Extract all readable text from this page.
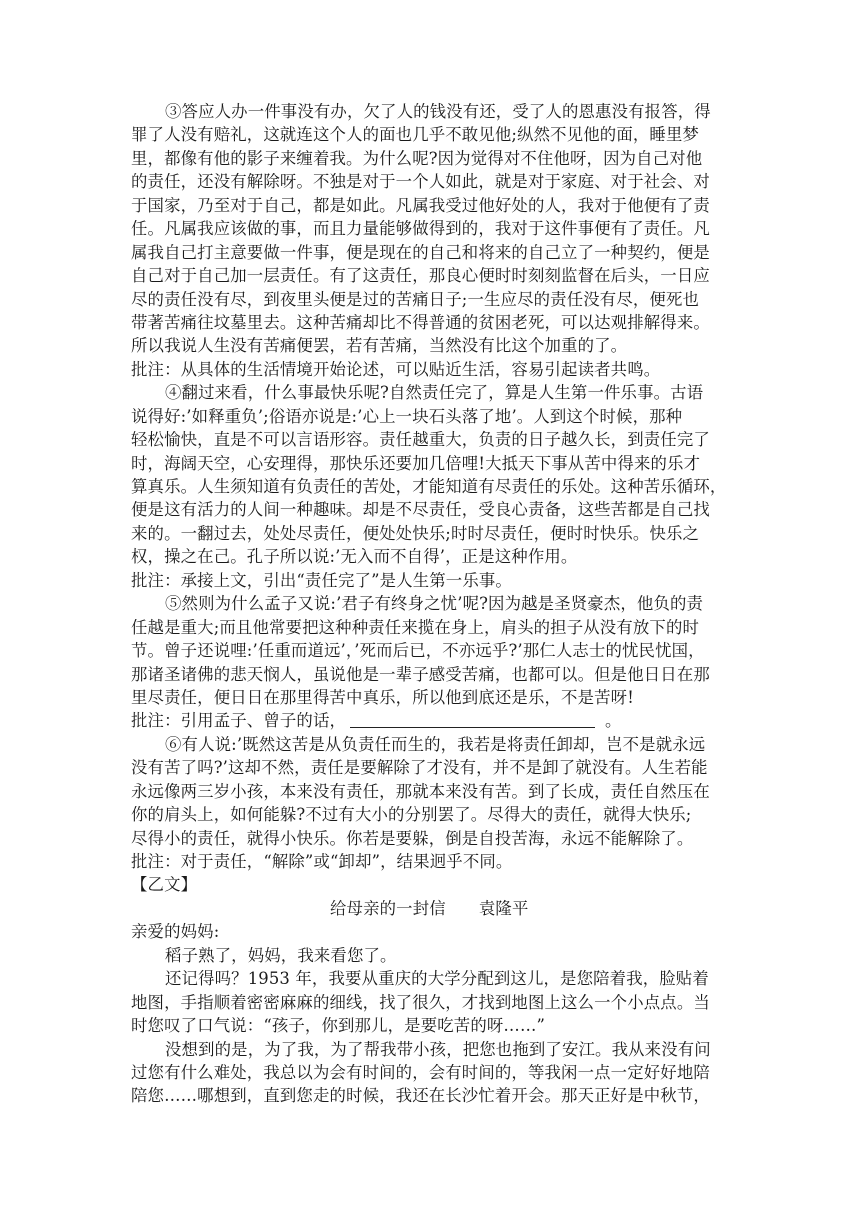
③答应人办一件事没有办，欠了人的钱没有还，受了人的恩惠没有报答，得
罪了人没有赔礼，这就连这个人的面也几乎不敢见他;纵然不见他的面，睡里梦
里，都像有他的影子来缠着我。为什么呢?因为觉得对不住他呀，因为自己对他
的责任，还没有解除呀。不独是对于一个人如此，就是对于家庭、对于社会、对
于国家，乃至对于自己，都是如此。凡属我受过他好处的人，我对于他便有了责
任。凡属我应该做的事，而且力量能够做得到的，我对于这件事便有了责任。凡
属我自己打主意要做一件事，便是现在的自己和将来的自己立了一种契约，便是
自己对于自己加一层责任。有了这责任，那良心便时时刻刻监督在后头，一日应
尽的责任没有尽，到夜里头便是过的苦痛日子;一生应尽的责任没有尽，便死也
带著苦痛往坟墓里去。这种苦痛却比不得普通的贫困老死，可以达观排解得来。
所以我说人生没有苦痛便罢，若有苦痛，当然没有比这个加重的了。
批注：从具体的生活情境开始论述，可以贴近生活，容易引起读者共鸣。
④翻过来看，什么事最快乐呢?自然责任完了，算是人生第一件乐事。古语
说得好:’如释重负’;俗语亦说是:’心上一块石头落了地’。人到这个时候，那种
轻松愉快，直是不可以言语形容。责任越重大，负责的日子越久长，到责任完了
时，海阔天空，心安理得，那快乐还要加几倍哩!大抵天下事从苦中得来的乐才
算真乐。人生须知道有负责任的苦处，才能知道有尽责任的乐处。这种苦乐循环，
便是这有活力的人间一种趣味。却是不尽责任，受良心责备，这些苦都是自己找
来的。一翻过去，处处尽责任，便处处快乐;时时尽责任，便时时快乐。快乐之
权，操之在己。孔子所以说:’无入而不自得’，正是这种作用。
批注：承接上文，引出“责任完了”是人生第一乐事。
⑤然则为什么孟子又说:’君子有终身之忧’呢?因为越是圣贤豪杰，他负的责
任越是重大;而且他常要把这种种责任来揽在身上，肩头的担子从没有放下的时
节。曾子还说哩:’任重而道远’，’死而后已，不亦远乎?’那仁人志士的忧民忧国，
那诸圣诸佛的悲天悯人，虽说他是一辈子感受苦痛，也都可以。但是他日日在那
里尽责任，便日日在那里得苦中真乐，所以他到底还是乐，不是苦呀!
批注：引用孟子、曾子的话，	。
⑥有人说:’既然这苦是从负责任而生的，我若是将责任卸却，岂不是就永远
没有苦了吗?’这却不然，责任是要解除了才没有，并不是卸了就没有。人生若能
永远像两三岁小孩，本来没有责任，那就本来没有苦。到了长成，责任自然压在
你的肩头上，如何能躲?不过有大小的分别罢了。尽得大的责任，就得大快乐;
尽得小的责任，就得小快乐。你若是要躲，倒是自投苦海，永远不能解除了。
批注：对于责任，“解除”或“卸却”，结果迥乎不同。
【乙文】
给母亲的一封信　　袁隆平
亲爱的妈妈:
稻子熟了，妈妈，我来看您了。
还记得吗？1953 年，我要从重庆的大学分配到这儿，是您陪着我，脸贴着
地图，手指顺着密密麻麻的细线，找了很久，才找到地图上这么一个小点点。当
时您叹了口气说：“孩子，你到那儿，是要吃苦的呀……”
没想到的是，为了我，为了帮我带小孩，把您也拖到了安江。我从来没有问
过您有什么难处，我总以为会有时间的，会有时间的，等我闲一点一定好好地陪
陪您……哪想到，直到您走的时候，我还在长沙忙着开会。那天正好是中秋节，
